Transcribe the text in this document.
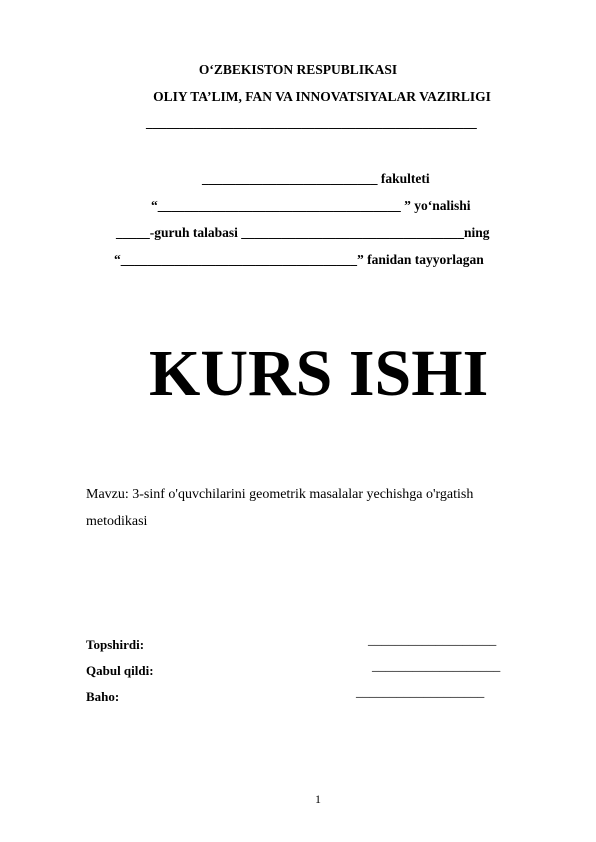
O‘ZBEKISTON RESPUBLIKASI
OLIY TA’LIM, FAN VA INNOVATSIYALAR VAZIRLIGI
_________________________________________________
__________________________ fakulteti
“____________________________________ ” yo‘nalishi
_____-guruh talabasi _________________________________ning
“___________________________________” fanidan tayyorlagan
KURS ISHI
Mavzu: 3-sinf o'quvchilarini geometrik masalalar yechishga o'rgatish
metodikasi
Topshirdi:	___________________
Qabul qildi:	___________________
Baho:	___________________
1
